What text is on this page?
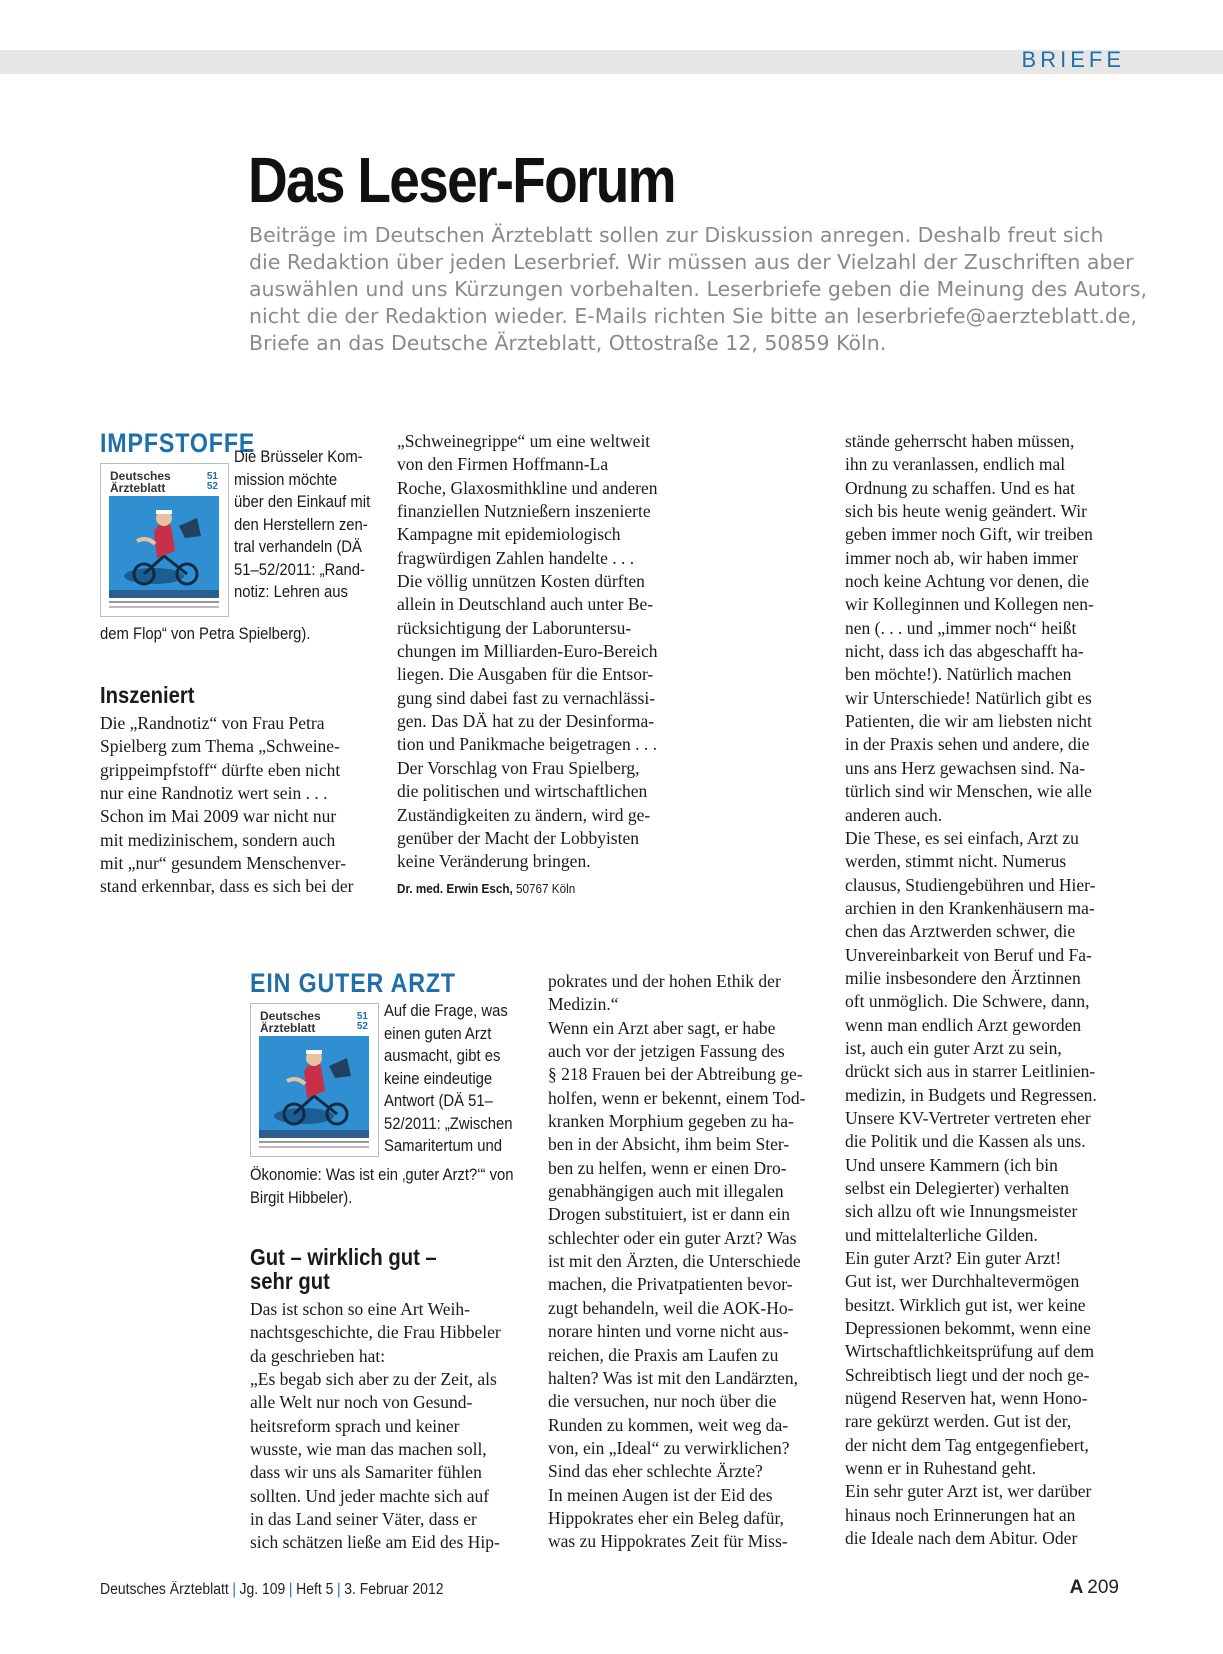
BRIEFE
Das Leser-Forum
Beiträge im Deutschen Ärzteblatt sollen zur Diskussion anregen. Deshalb freut sich
die Redaktion über jeden Leserbrief. Wir müssen aus der Vielzahl der Zuschriften aber
auswählen und uns Kürzungen vorbehalten. Leserbriefe geben die Meinung des Autors,
nicht die der Redaktion wieder. E-Mails richten Sie bitte an leserbriefe@aerzteblatt.de,
Briefe an das Deutsche Ärzteblatt, Ottostraße 12, 50859 Köln.
IMPFSTOFFE
Deutsches
Ärzteblatt
51
52
Die Brüsseler Kom-
mission möchte
über den Einkauf mit
den Herstellern zen-
tral verhandeln (DÄ
51–52/2011: „Rand-
notiz: Lehren aus
dem Flop“ von Petra Spielberg).
Inszeniert
Die „Randnotiz“ von Frau Petra
Spielberg zum Thema „Schweine-
grippeimpfstoff“ dürfte eben nicht
nur eine Randnotiz wert sein . . .
Schon im Mai 2009 war nicht nur
mit medizinischem, sondern auch
mit „nur“ gesundem Menschenver-
stand erkennbar, dass es sich bei der
„Schweinegrippe“ um eine weltweit
von den Firmen Hoffmann-La
Roche, Glaxosmithkline und anderen
finanziellen Nutznießern inszenierte
Kampagne mit epidemiologisch
fragwürdigen Zahlen handelte . . .
Die völlig unnützen Kosten dürften
allein in Deutschland auch unter Be-
rücksichtigung der Laboruntersu-
chungen im Milliarden-Euro-Bereich
liegen. Die Ausgaben für die Entsor-
gung sind dabei fast zu vernachlässi-
gen. Das DÄ hat zu der Desinforma-
tion und Panikmache beigetragen . . .
Der Vorschlag von Frau Spielberg,
die politischen und wirtschaftlichen
Zuständigkeiten zu ändern, wird ge-
genüber der Macht der Lobbyisten
keine Veränderung bringen.
Dr. med. Erwin Esch, 50767 Köln
EIN GUTER ARZT
Deutsches
Ärzteblatt
51
52
Auf die Frage, was
einen guten Arzt
ausmacht, gibt es
keine eindeutige
Antwort (DÄ 51–
52/2011: „Zwischen
Samaritertum und
Ökonomie: Was ist ein ‚guter Arzt?‘“ von
Birgit Hibbeler).
Gut – wirklich gut –
sehr gut
Das ist schon so eine Art Weih-
nachtsgeschichte, die Frau Hibbeler
da geschrieben hat:
„Es begab sich aber zu der Zeit, als
alle Welt nur noch von Gesund-
heitsreform sprach und keiner
wusste, wie man das machen soll,
dass wir uns als Samariter fühlen
sollten. Und jeder machte sich auf
in das Land seiner Väter, dass er
sich schätzen ließe am Eid des Hip-
pokrates und der hohen Ethik der
Medizin.“
Wenn ein Arzt aber sagt, er habe
auch vor der jetzigen Fassung des
§ 218 Frauen bei der Abtreibung ge-
holfen, wenn er bekennt, einem Tod-
kranken Morphium gegeben zu ha-
ben in der Absicht, ihm beim Ster-
ben zu helfen, wenn er einen Dro-
genabhängigen auch mit illegalen
Drogen substituiert, ist er dann ein
schlechter oder ein guter Arzt? Was
ist mit den Ärzten, die Unterschiede
machen, die Privatpatienten bevor-
zugt behandeln, weil die AOK-Ho-
norare hinten und vorne nicht aus-
reichen, die Praxis am Laufen zu
halten? Was ist mit den Landärzten,
die versuchen, nur noch über die
Runden zu kommen, weit weg da-
von, ein „Ideal“ zu verwirklichen?
Sind das eher schlechte Ärzte?
In meinen Augen ist der Eid des
Hippokrates eher ein Beleg dafür,
was zu Hippokrates Zeit für Miss-
stände geherrscht haben müssen,
ihn zu veranlassen, endlich mal
Ordnung zu schaffen. Und es hat
sich bis heute wenig geändert. Wir
geben immer noch Gift, wir treiben
immer noch ab, wir haben immer
noch keine Achtung vor denen, die
wir Kolleginnen und Kollegen nen-
nen (. . . und „immer noch“ heißt
nicht, dass ich das abgeschafft ha-
ben möchte!). Natürlich machen
wir Unterschiede! Natürlich gibt es
Patienten, die wir am liebsten nicht
in der Praxis sehen und andere, die
uns ans Herz gewachsen sind. Na-
türlich sind wir Menschen, wie alle
anderen auch.
Die These, es sei einfach, Arzt zu
werden, stimmt nicht. Numerus
clausus, Studiengebühren und Hier-
archien in den Krankenhäusern ma-
chen das Arztwerden schwer, die
Unvereinbarkeit von Beruf und Fa-
milie insbesondere den Ärztinnen
oft unmöglich. Die Schwere, dann,
wenn man endlich Arzt geworden
ist, auch ein guter Arzt zu sein,
drückt sich aus in starrer Leitlinien-
medizin, in Budgets und Regressen.
Unsere KV-Vertreter vertreten eher
die Politik und die Kassen als uns.
Und unsere Kammern (ich bin
selbst ein Delegierter) verhalten
sich allzu oft wie Innungsmeister
und mittelalterliche Gilden.
Ein guter Arzt? Ein guter Arzt!
Gut ist, wer Durchhaltevermögen
besitzt. Wirklich gut ist, wer keine
Depressionen bekommt, wenn eine
Wirtschaftlichkeitsprüfung auf dem
Schreibtisch liegt und der noch ge-
nügend Reserven hat, wenn Hono-
rare gekürzt werden. Gut ist der,
der nicht dem Tag entgegenfiebert,
wenn er in Ruhestand geht.
Ein sehr guter Arzt ist, wer darüber
hinaus noch Erinnerungen hat an
die Ideale nach dem Abitur. Oder
Deutsches Ärzteblatt | Jg. 109 | Heft 5 | 3. Februar 2012	A 209
